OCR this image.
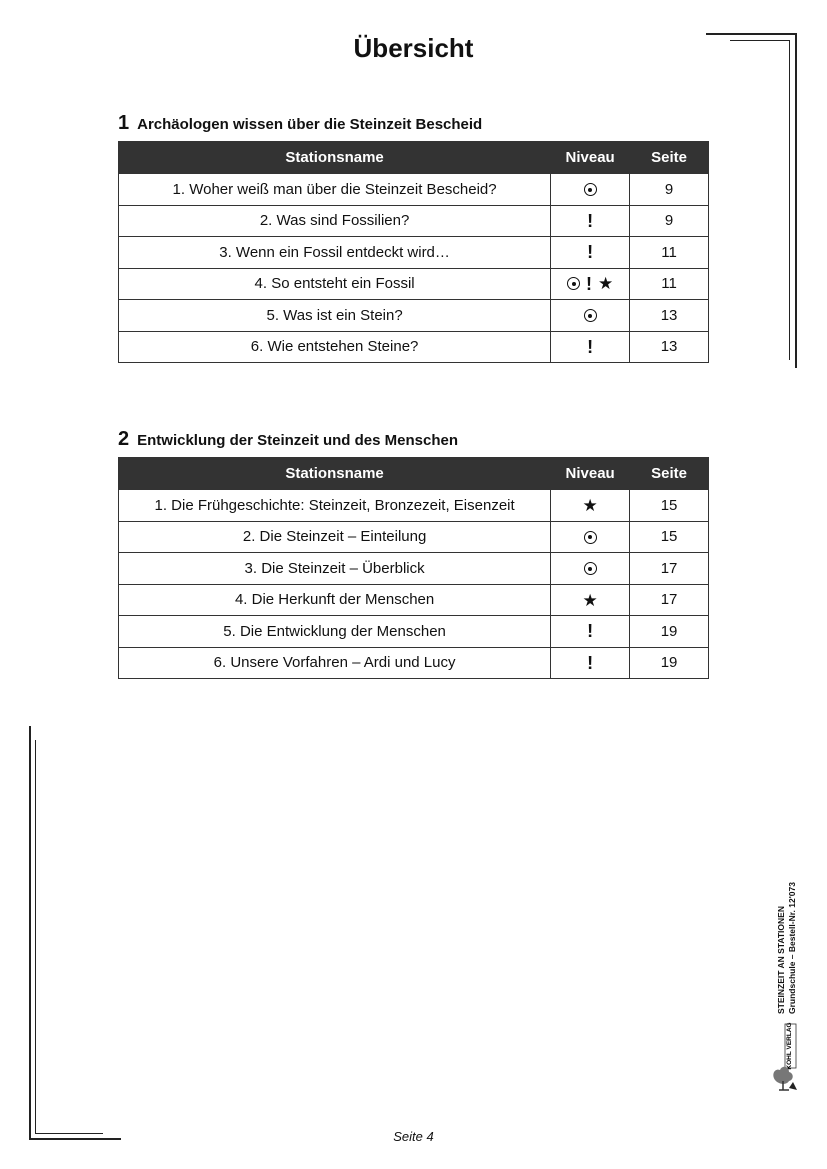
Übersicht
1 Archäologen wissen über die Steinzeit Bescheid
Stationsname	Niveau	Seite
1. Woher weiß man über die Steinzeit Bescheid?		9
2. Was sind Fossilien?	!	9
3. Wenn ein Fossil entdeckt wird…	!	11
4. So entsteht ein Fossil	! ★	11
5. Was ist ein Stein?		13
6. Wie entstehen Steine?	!	13
2 Entwicklung der Steinzeit und des Menschen
Stationsname	Niveau	Seite
1. Die Frühgeschichte: Steinzeit, Bronzezeit, Eisenzeit	★	15
2. Die Steinzeit – Einteilung		15
3. Die Steinzeit – Überblick		17
4. Die Herkunft der Menschen	★	17
5. Die Entwicklung der Menschen	!	19
6. Unsere Vorfahren – Ardi und Lucy	!	19
STEINZEIT AN STATIONEN Grundschule – Bestell-Nr. 12'073
KOHL VERLAG
Seite 4
